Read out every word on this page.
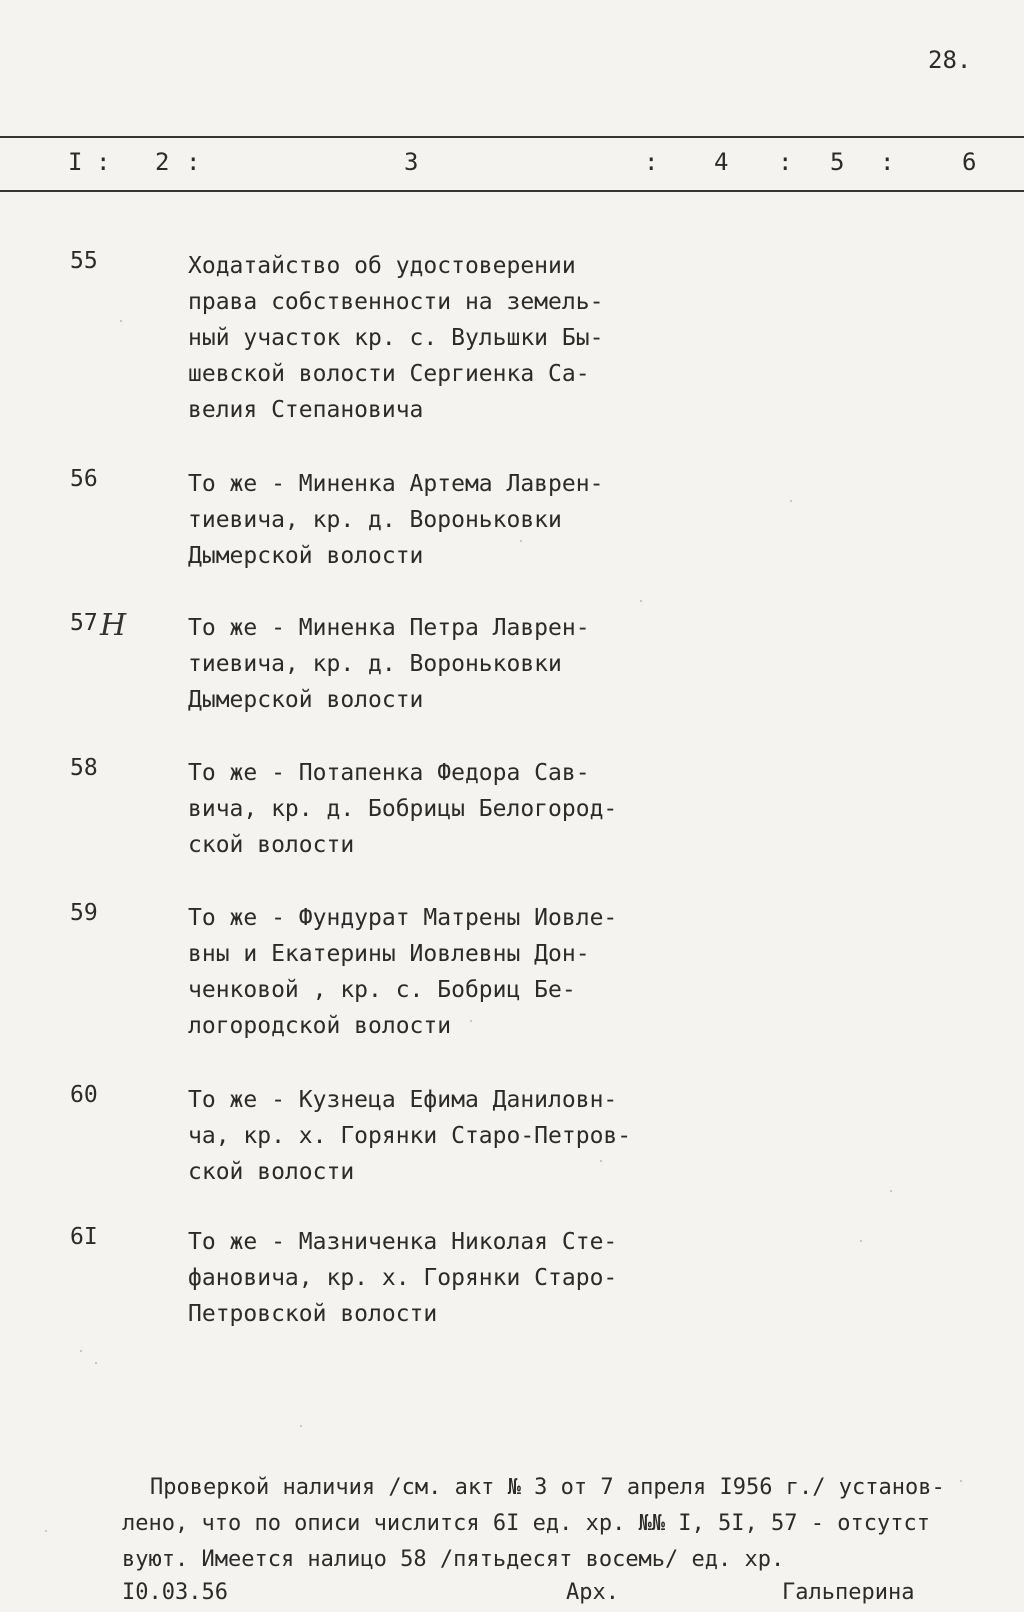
28.
I : 2 :	3	: 4 : 5 :	6
55	Ходатайство об удостоверении
права собственности на земель-
ный участок кр. с. Вульшки Бы-
шевской волости Сергиенка Са-
велия Степановича
56	То же - Миненка Артема Лаврен-
тиевича, кр. д. Вороньковки
Дымерской волости
57 Н	То же - Миненка Петра Лаврен-
тиевича, кр. д. Вороньковки
Дымерской волости
58	То же - Потапенка Федора Сав-
вича, кр. д. Бобрицы Белогород-
ской волости
59	То же - Фундурат Матрены Иовле-
вны и Екатерины Иовлевны Дон-
ченковой , кр. с. Бобриц Бе-
логородской волости
60	То же - Кузнеца Ефима Даниловн-
ча, кр. х. Горянки Старо-Петров-
ской волости
6I	То же - Мазниченка Николая Сте-
фановича, кр. х. Горянки Старо-
Петровской волости
Проверкой наличия /см. акт № 3 от 7 апреля I956 г./ установ-
лено, что по описи числится 6I ед. хр. №№ I, 5I, 57 - отсутст
вуют. Имеется налицо 58 /пятьдесят восемь/ ед. хр.
I0.03.56	Арх.	Гальперина
